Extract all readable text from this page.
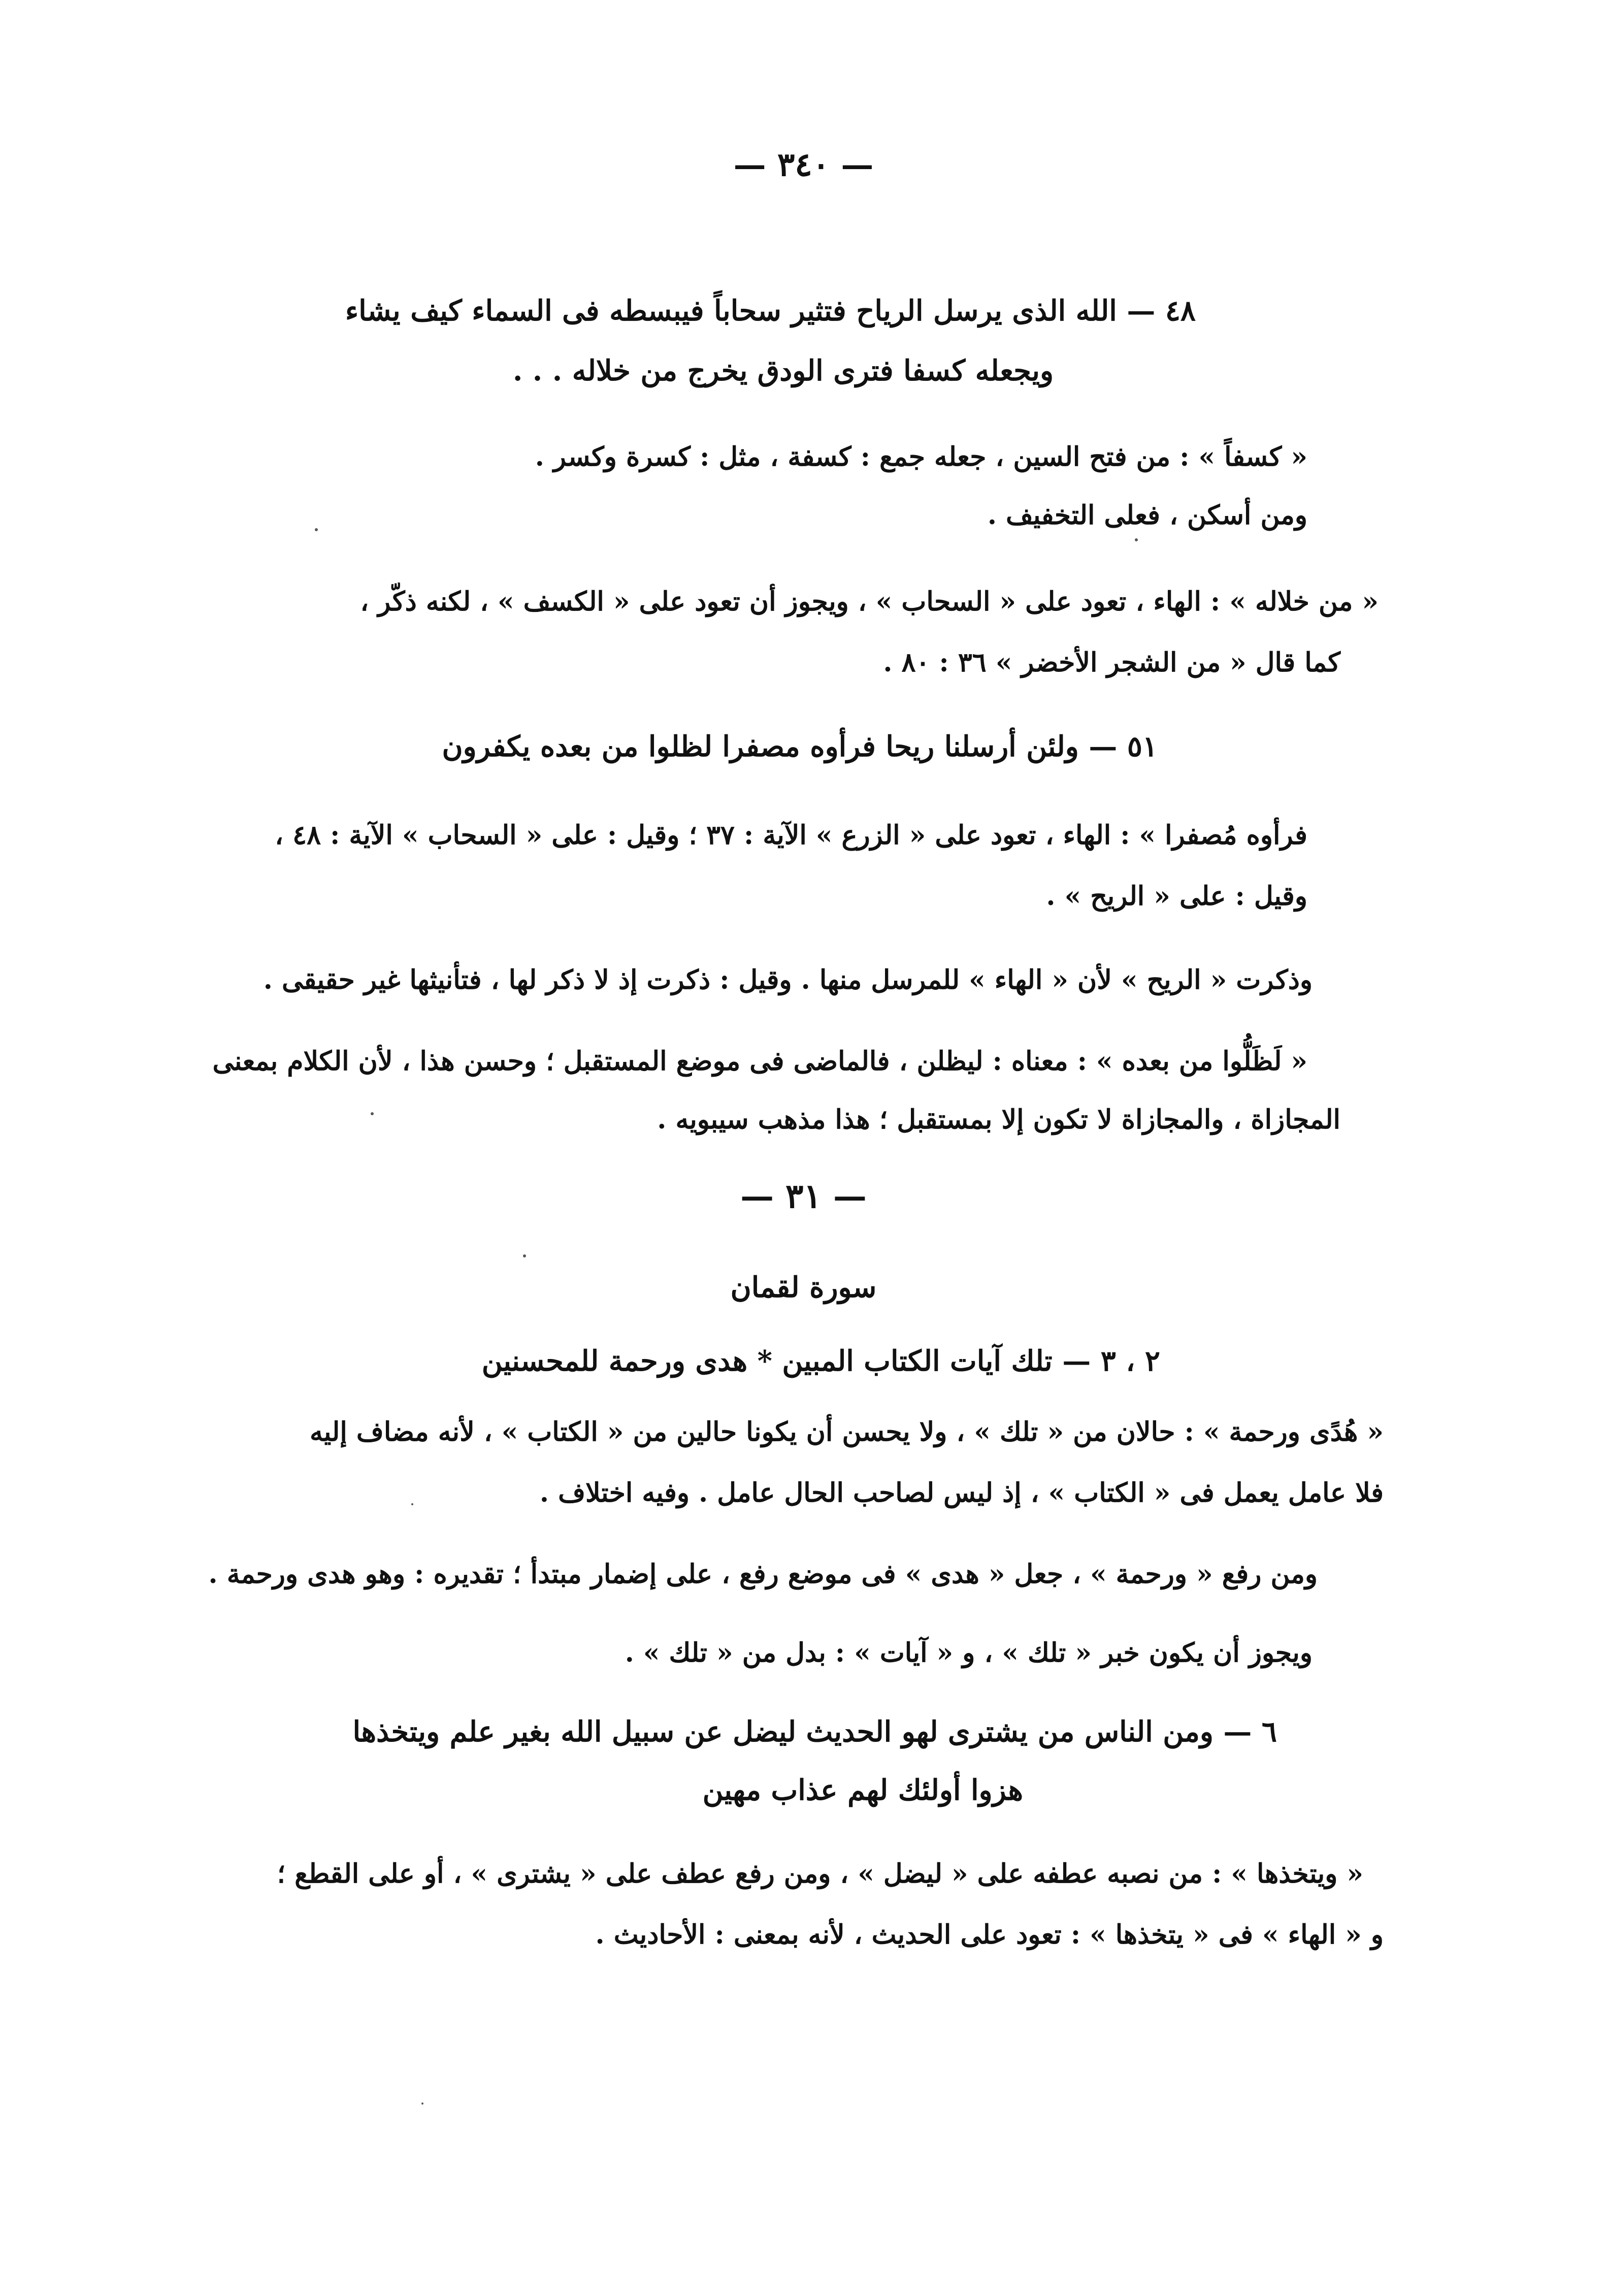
— ٣٤٠ —
٤٨ — الله الذى يرسل الرياح فتثير سحاباً فيبسطه فى السماء كيف يشاء
ويجعله كسفا فترى الودق يخرج من خلاله . . .
« كسفاً » : من فتح السين ، جعله جمع : كسفة ، مثل : كسرة وكسر .
ومن أسكن ، فعلى التخفيف .
« من خلاله » : الهاء ، تعود على « السحاب » ، ويجوز أن تعود على « الكسف » ، لكنه ذكّر ،
كما قال « من الشجر الأخضر » ٣٦ : ٨٠ .
٥١ — ولئن أرسلنا ريحا فرأوه مصفرا لظلوا من بعده يكفرون
فرأوه مُصفرا » : الهاء ، تعود على « الزرع » الآية : ٣٧ ؛ وقيل : على « السحاب » الآية : ٤٨ ،
وقيل : على « الريح » .
وذكرت « الريح » لأن « الهاء » للمرسل منها . وقيل : ذكرت إذ لا ذكر لها ، فتأنيثها غير حقيقى .
« لَظَلُّوا من بعده » : معناه : ليظلن ، فالماضى فى موضع المستقبل ؛ وحسن هذا ، لأن الكلام بمعنى
المجازاة ، والمجازاة لا تكون إلا بمستقبل ؛ هذا مذهب سيبويه .
— ٣١ —
سورة لقمان
٢ ، ٣ — تلك آيات الكتاب المبين * هدى ورحمة للمحسنين
« هُدًى ورحمة » : حالان من « تلك » ، ولا يحسن أن يكونا حالين من « الكتاب » ، لأنه مضاف إليه
فلا عامل يعمل فى « الكتاب » ، إذ ليس لصاحب الحال عامل . وفيه اختلاف .
ومن رفع « ورحمة » ، جعل « هدى » فى موضع رفع ، على إضمار مبتدأ ؛ تقديره : وهو هدى ورحمة .
ويجوز أن يكون خبر « تلك » ، و « آيات » : بدل من « تلك » .
٦ — ومن الناس من يشترى لهو الحديث ليضل عن سبيل الله بغير علم ويتخذها
هزوا أولئك لهم عذاب مهين
« ويتخذها » : من نصبه عطفه على « ليضل » ، ومن رفع عطف على « يشترى » ، أو على القطع ؛
و « الهاء » فى « يتخذها » : تعود على الحديث ، لأنه بمعنى : الأحاديث .
